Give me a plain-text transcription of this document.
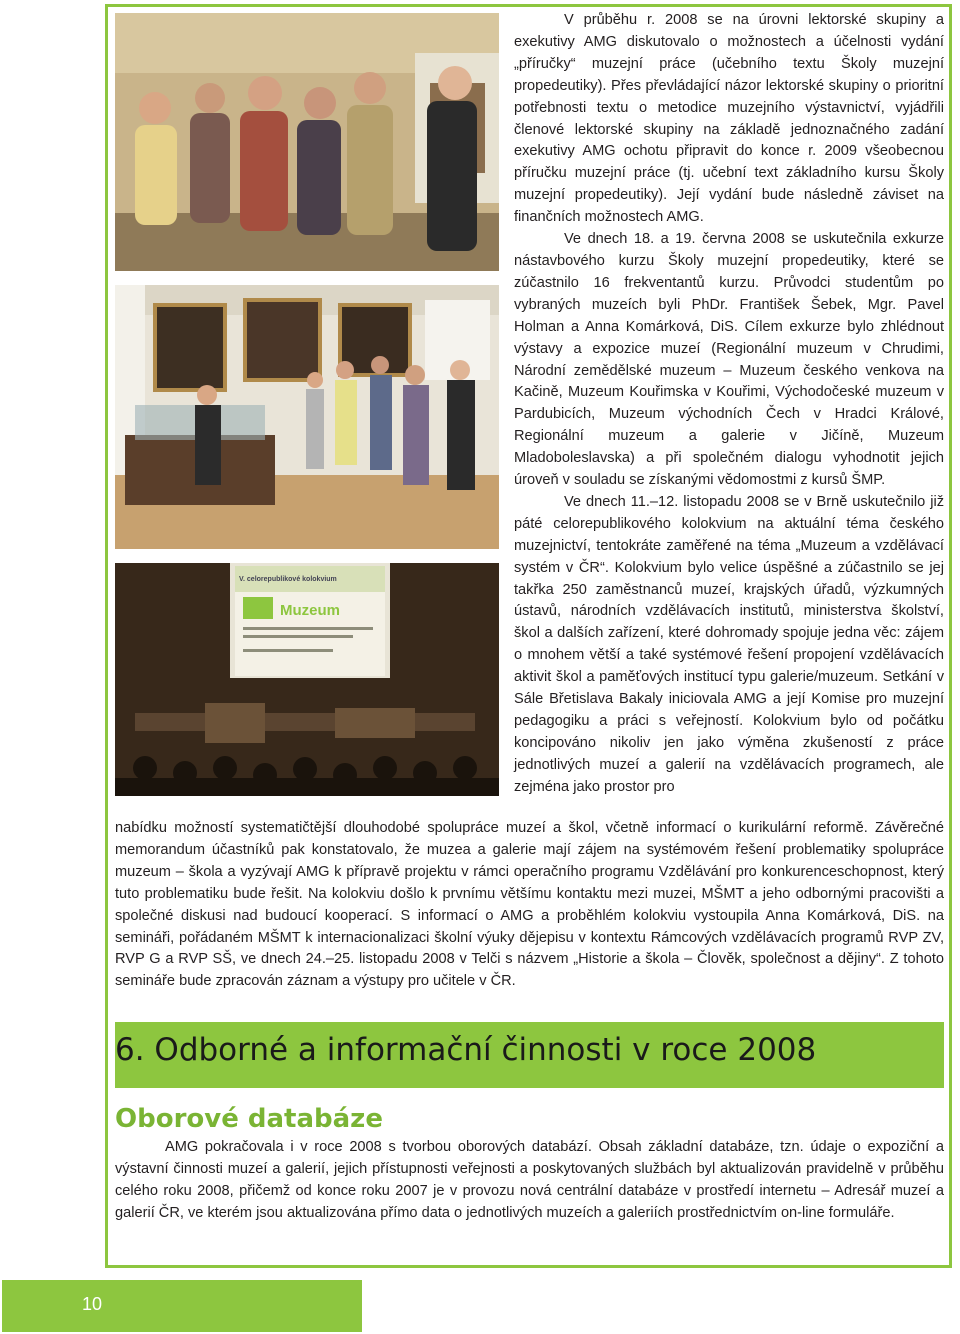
Muzeum
V. celorepublikové kolokvium

V průběhu r. 2008 se na úrovni lektorské skupiny a exekutivy AMG diskutovalo o možnostech a účelnosti vydání „příručky“ muzejní práce (učebního textu Školy muzejní propedeutiky). Přes převládající názor lektorské skupiny o prioritní potřebnosti textu o metodice muzejního výstavnictví, vyjádřili členové lektorské skupiny na základě jednoznačného zadání exekutivy AMG ochotu připravit do konce r. 2009 všeobecnou příručku muzejní práce (tj. učební text základního kursu Školy muzejní propedeutiky). Její vydání bude následně záviset na finančních možnostech AMG.

Ve dnech 18. a 19. června 2008 se uskutečnila exkurze nástavbového kurzu Školy muzejní propedeutiky, které se zúčastnilo 16 frekventantů kurzu. Průvodci studentům po vybraných muzeích byli PhDr. František Šebek, Mgr. Pavel Holman a Anna Komárková, DiS. Cílem exkurze bylo zhlédnout výstavy a expozice muzeí (Regionální muzeum v Chrudimi, Národní zemědělské muzeum – Muzeum českého venkova na Kačině, Muzeum Kouřimska v Kouřimi, Východočeské muzeum v Pardubicích, Muzeum východních Čech v Hradci Králové, Regionální muzeum a galerie v Jičíně, Muzeum Mladoboleslavska) a při společném dialogu vyhodnotit jejich úroveň v souladu se získanými vědomostmi z kursů ŠMP.

Ve dnech 11.–12. listopadu 2008 se v Brně uskutečnilo již páté celorepublikového kolokvium na aktuální téma českého muzejnictví, tentokráte zaměřené na téma „Muzeum a vzdělávací systém v ČR“. Kolokvium bylo velice úspěšné a zúčastnilo se jej takřka 250 zaměstnanců muzeí, krajských úřadů, výzkumných ústavů, národních vzdělávacích institutů, ministerstva školství, škol a dalších zařízení, které dohromady spojuje jedna věc: zájem o mnohem větší a také systémové řešení propojení vzdělávacích aktivit škol a paměťových institucí typu galerie/muzeum. Setkání v Sále Břetislava Bakaly iniciovala AMG a její Komise pro muzejní pedagogiku a práci s veřejností. Kolokvium bylo od počátku koncipováno nikoliv jen jako výměna zkušeností z práce jednotlivých muzeí a galerií na vzdělávacích programech, ale zejména jako prostor pro

nabídku možností systematičtější dlouhodobé spolupráce muzeí a škol, včetně informací o kurikulární reformě. Závěrečné memorandum účastníků pak konstatovalo, že muzea a galerie mají zájem na systémovém řešení problematiky spolupráce muzeum – škola a vyzývají AMG k přípravě projektu v rámci operačního programu Vzdělávání pro konkurenceschopnost, který tuto problematiku bude řešit. Na kolokviu došlo k prvnímu většímu kontaktu mezi muzei, MŠMT a jeho odbornými pracovišti a společné diskusi nad budoucí kooperací. S informací o AMG a proběhlém kolokviu vystoupila Anna Komárková, DiS. na semináři, pořádaném MŠMT k internacionalizaci školní výuky dějepisu v kontextu Rámcových vzdělávacích programů RVP ZV, RVP G a RVP SŠ, ve dnech 24.–25. listopadu 2008 v Telči s názvem „Historie a škola – Člověk, společnost a dějiny“. Z tohoto semináře bude zpracován záznam a výstupy pro učitele v ČR.
6. Odborné a informační činnosti v roce 2008
Oborové databáze

AMG pokračovala i v roce 2008 s tvorbou oborových databází. Obsah základní databáze, tzn. údaje o expoziční a výstavní činnosti muzeí a galerií, jejich přístupnosti veřejnosti a poskytovaných službách byl aktualizován pravidelně v průběhu celého roku 2008, přičemž od konce roku 2007 je v provozu nová centrální databáze v prostředí internetu – Adresář muzeí a galerií ČR, ve kterém jsou aktualizována přímo data o jednotlivých muzeích a galeriích prostřednictvím on-line formuláře.

10
